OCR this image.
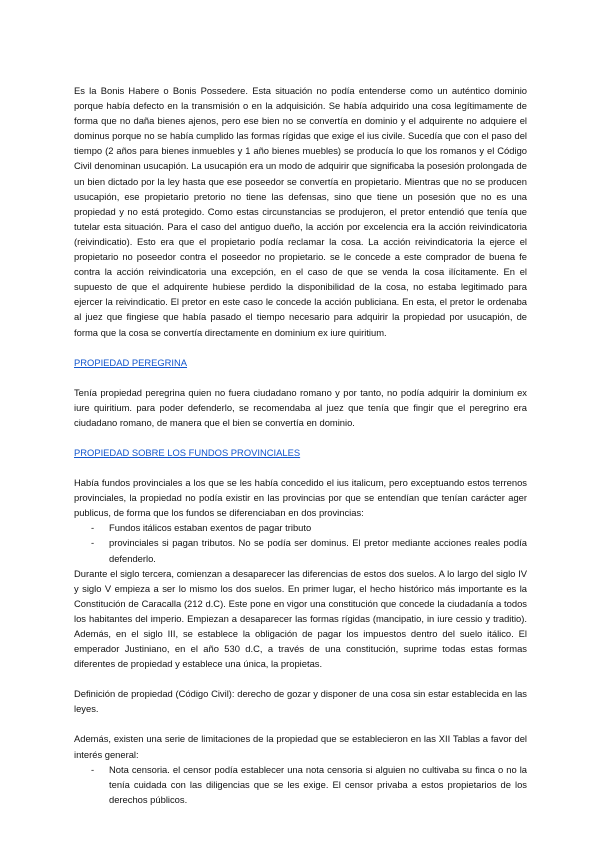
Es la Bonis Habere o Bonis Possedere. Esta situación no podía entenderse como un auténtico dominio porque había defecto en la transmisión o en la adquisición. Se había adquirido una cosa legítimamente de forma que no daña bienes ajenos, pero ese bien no se convertía en dominio y el adquirente no adquiere el dominus porque no se había cumplido las formas rígidas que exige el ius civile. Sucedía que con el paso del tiempo (2 años para bienes inmuebles y 1 año bienes muebles) se producía lo que los romanos y el Código Civil denominan usucapión. La usucapión era un modo de adquirir que significaba la posesión prolongada de un bien dictado por la ley hasta que ese poseedor se convertía en propietario. Mientras que no se producen usucapión, ese propietario pretorio no tiene las defensas, sino que tiene un posesión que no es una propiedad y no está protegido. Como estas circunstancias se produjeron, el pretor entendió que tenía que tutelar esta situación. Para el caso del antiguo dueño, la acción por excelencia era la acción reivindicatoria (reivindicatio). Esto era que el propietario podía reclamar la cosa. La acción reivindicatoria la ejerce el propietario no poseedor contra el poseedor no propietario. se le concede a este comprador de buena fe contra la acción reivindicatoria una excepción, en el caso de que se venda la cosa ilícitamente. En el supuesto de que el adquirente hubiese perdido la disponibilidad de la cosa, no estaba legitimado para ejercer la reivindicatio. El pretor en este caso le concede la acción publiciana. En esta, el pretor le ordenaba al juez que fingiese que había pasado el tiempo necesario para adquirir la propiedad por usucapión, de forma que la cosa se convertía directamente en dominium ex iure quiritium.

PROPIEDAD PEREGRINA

Tenía propiedad peregrina quien no fuera ciudadano romano y por tanto, no podía adquirir la dominium ex iure quiritium. para poder defenderlo, se recomendaba al juez que tenía que fingir que el peregrino era ciudadano romano, de manera que el bien se convertía en dominio.

PROPIEDAD SOBRE LOS FUNDOS PROVINCIALES

Había fundos provinciales a los que se les había concedido el ius italicum, pero exceptuando estos terrenos provinciales, la propiedad no podía existir en las provincias por que se entendían que tenían carácter ager publicus, de forma que los fundos se diferenciaban en dos provincias:

- Fundos itálicos estaban exentos de pagar tributo
- provinciales si pagan tributos. No se podía ser dominus. El pretor mediante acciones reales podía defenderlo.

Durante el siglo tercera, comienzan a desaparecer las diferencias de estos dos suelos. A lo largo del siglo IV y siglo V empieza a ser lo mismo los dos suelos. En primer lugar, el hecho histórico más importante es la Constitución de Caracalla (212 d.C). Este pone en vigor una constitución que concede la ciudadanía a todos los habitantes del imperio. Empiezan a desaparecer las formas rígidas (mancipatio, in iure cessio y traditio). Además, en el siglo III, se establece la obligación de pagar los impuestos dentro del suelo itálico. El emperador Justiniano, en el año 530 d.C, a través de una constitución, suprime todas estas formas diferentes de propiedad y establece una única, la propietas.

Definición de propiedad (Código Civil): derecho de gozar y disponer de una cosa sin estar establecida en las leyes.

Además, existen una serie de limitaciones de la propiedad que se establecieron en las XII Tablas a favor del interés general:

- Nota censoria. el censor podía establecer una nota censoria si alguien no cultivaba su finca o no la tenía cuidada con las diligencias que se les exige. El censor privaba a estos propietarios de los derechos públicos.
